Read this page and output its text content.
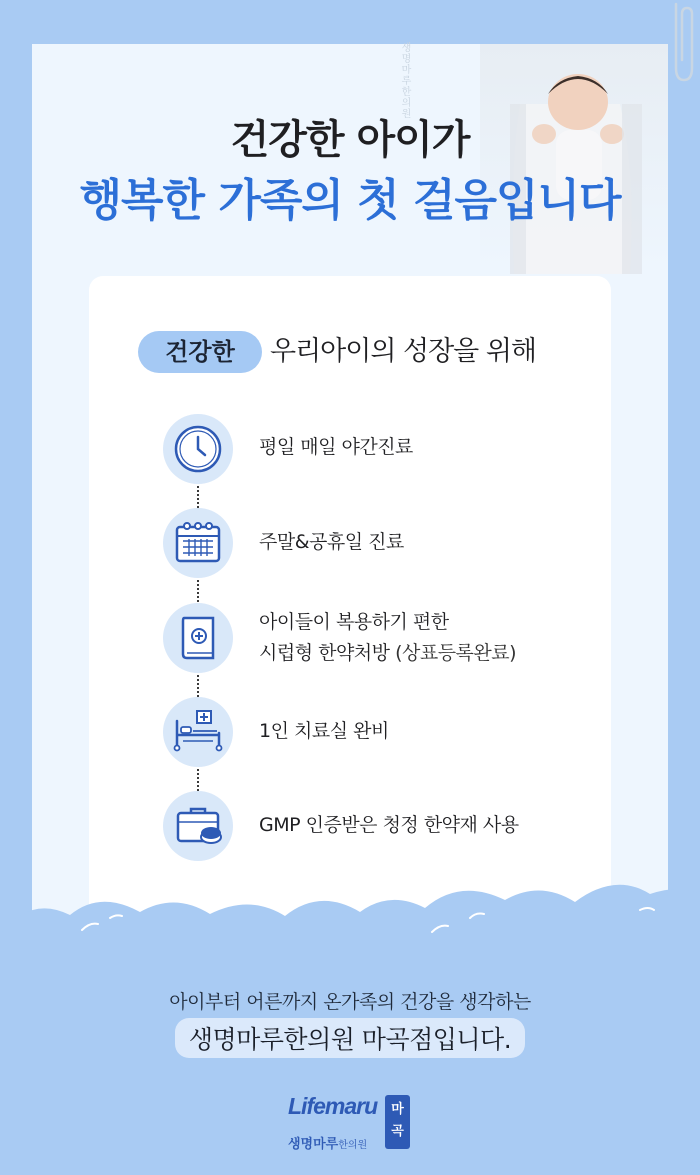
생명마루한의원
건강한 아이가
행복한 가족의 첫 걸음입니다
건강한	우리아이의 성장을 위해
평일 매일 야간진료
주말&공휴일 진료
아이들이 복용하기 편한
시럽형 한약처방 (상표등록완료)
1인 치료실 완비
GMP 인증받은 청정 한약재 사용
아이부터 어른까지 온가족의 건강을 생각하는
생명마루한의원 마곡점입니다.
Lifemaru
생명마루한의원
마
곡
